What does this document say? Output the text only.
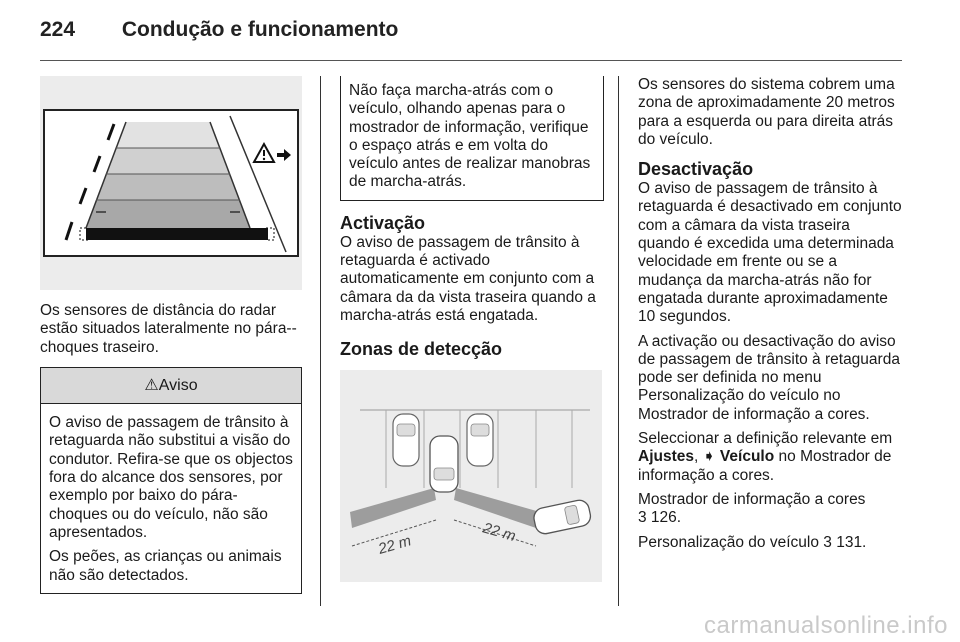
224 Condução e funcionamento

Os sensores de distância do radar estão situados lateralmente no pára--choques traseiro.

⚠Aviso

O aviso de passagem de trânsito à retaguarda não substitui a visão do condutor. Refira-se que os objectos fora do alcance dos sensores, por exemplo por baixo do pára-choques ou do veículo, não são apresentados.

Os peões, as crianças ou animais não são detectados.

Não faça marcha-atrás com o veículo, olhando apenas para o mostrador de informação, verifique o espaço atrás e em volta do veículo antes de realizar manobras de marcha-atrás.
Activação

O aviso de passagem de trânsito à retaguarda é activado automaticamente em conjunto com a câmara da da vista traseira quando a marcha-atrás está engatada.

Zonas de detecção
22 m
22 m

Os sensores do sistema cobrem uma zona de aproximadamente 20 metros para a esquerda ou para direita atrás do veículo.

Desactivação

O aviso de passagem de trânsito à retaguarda é desactivado em conjunto com a câmara da vista traseira quando é excedida uma determinada velocidade em frente ou se a mudança da marcha-atrás não for engatada durante aproximadamente 10 segundos.

A activação ou desactivação do aviso de passagem de trânsito à retaguarda pode ser definida no menu Personalização do veículo no Mostrador de informação a cores.

Seleccionar a definição relevante em Ajustes, ➧ Veículo no Mostrador de informação a cores.

Mostrador de informação a cores
3 126.

Personalização do veículo 3 131.

carmanualsonline.info
